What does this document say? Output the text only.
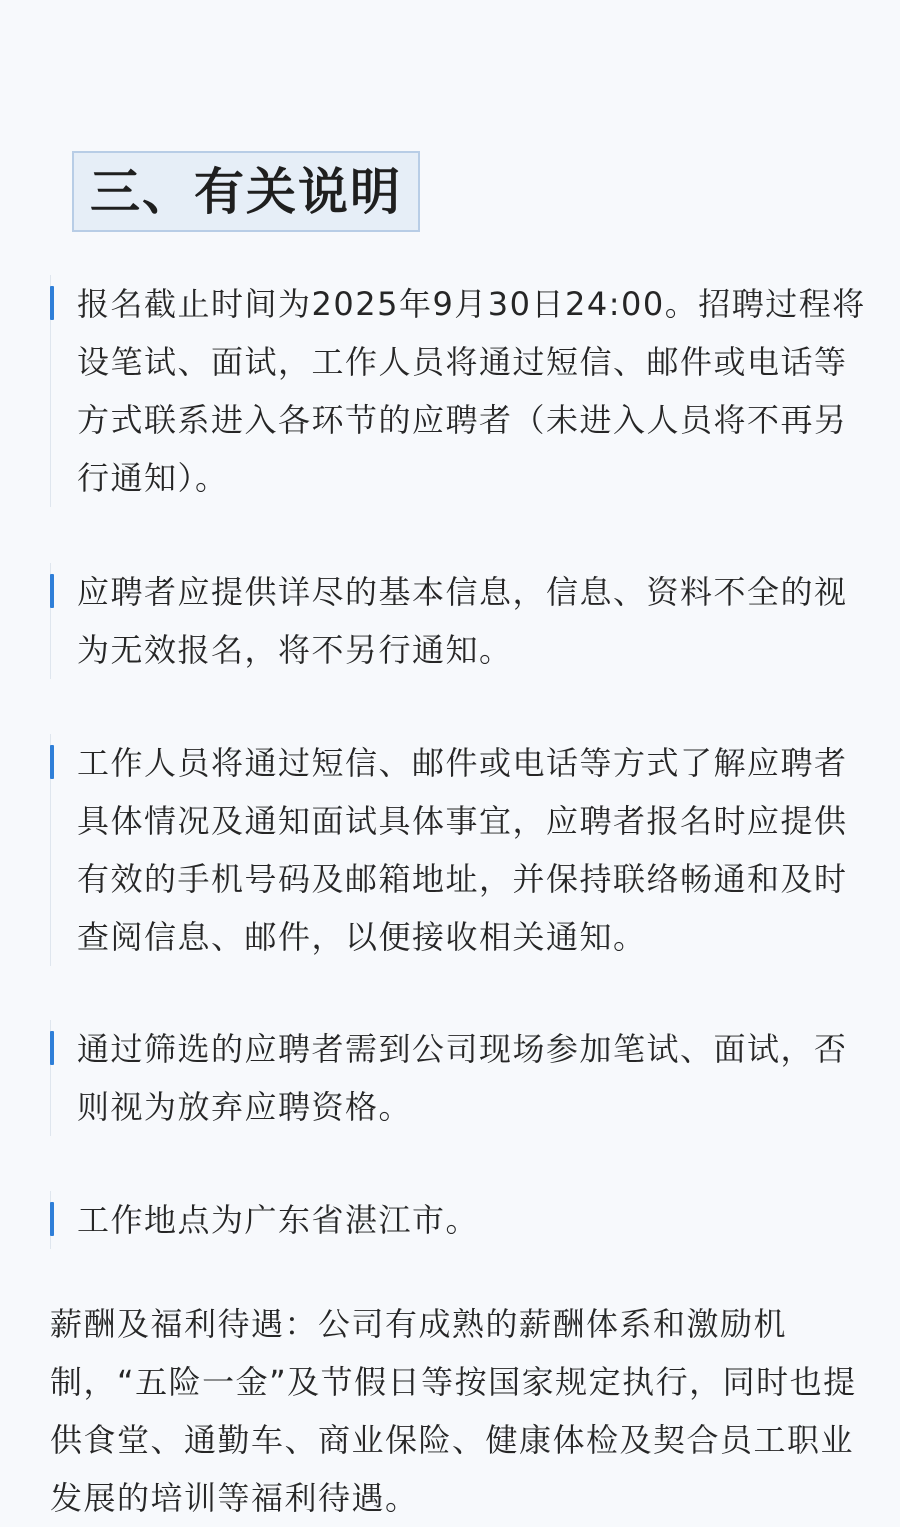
三、有关说明

报名截止时间为2025年9月30日24:00。招聘过程将设笔试、面试，工作人员将通过短信、邮件或电话等方式联系进入各环节的应聘者（未进入人员将不再另行通知）。

应聘者应提供详尽的基本信息，信息、资料不全的视为无效报名，将不另行通知。

工作人员将通过短信、邮件或电话等方式了解应聘者具体情况及通知面试具体事宜，应聘者报名时应提供有效的手机号码及邮箱地址，并保持联络畅通和及时查阅信息、邮件，以便接收相关通知。

通过筛选的应聘者需到公司现场参加笔试、面试，否则视为放弃应聘资格。

工作地点为广东省湛江市。

薪酬及福利待遇：公司有成熟的薪酬体系和激励机制，“五险一金”及节假日等按国家规定执行，同时也提供食堂、通勤车、商业保险、健康体检及契合员工职业发展的培训等福利待遇。
